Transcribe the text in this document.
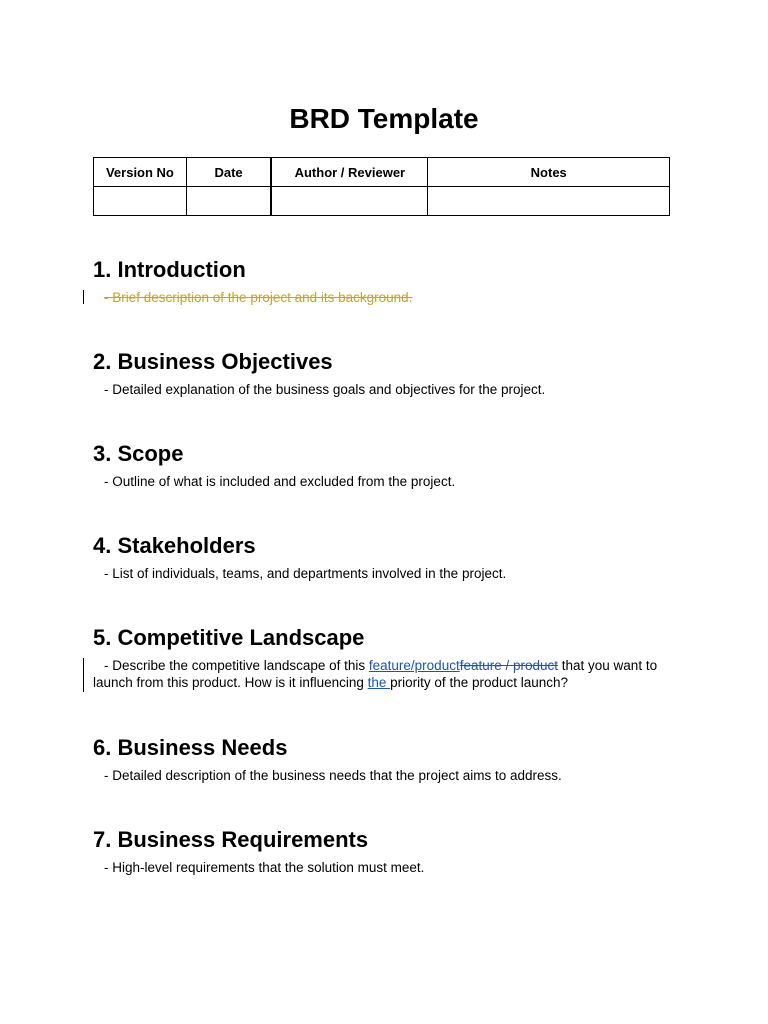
BRD Template
Version No	Date	Author / Reviewer	Notes

1. Introduction

- Brief description of the project and its background.

2. Business Objectives

- Detailed explanation of the business goals and objectives for the project.

3. Scope

- Outline of what is included and excluded from the project.

4. Stakeholders

- List of individuals, teams, and departments involved in the project.

5. Competitive Landscape

- Describe the competitive landscape of this feature/productfeature / product that you want to launch from this product. How is it influencing the priority of the product launch?

6. Business Needs

- Detailed description of the business needs that the project aims to address.

7. Business Requirements

- High-level requirements that the solution must meet.
